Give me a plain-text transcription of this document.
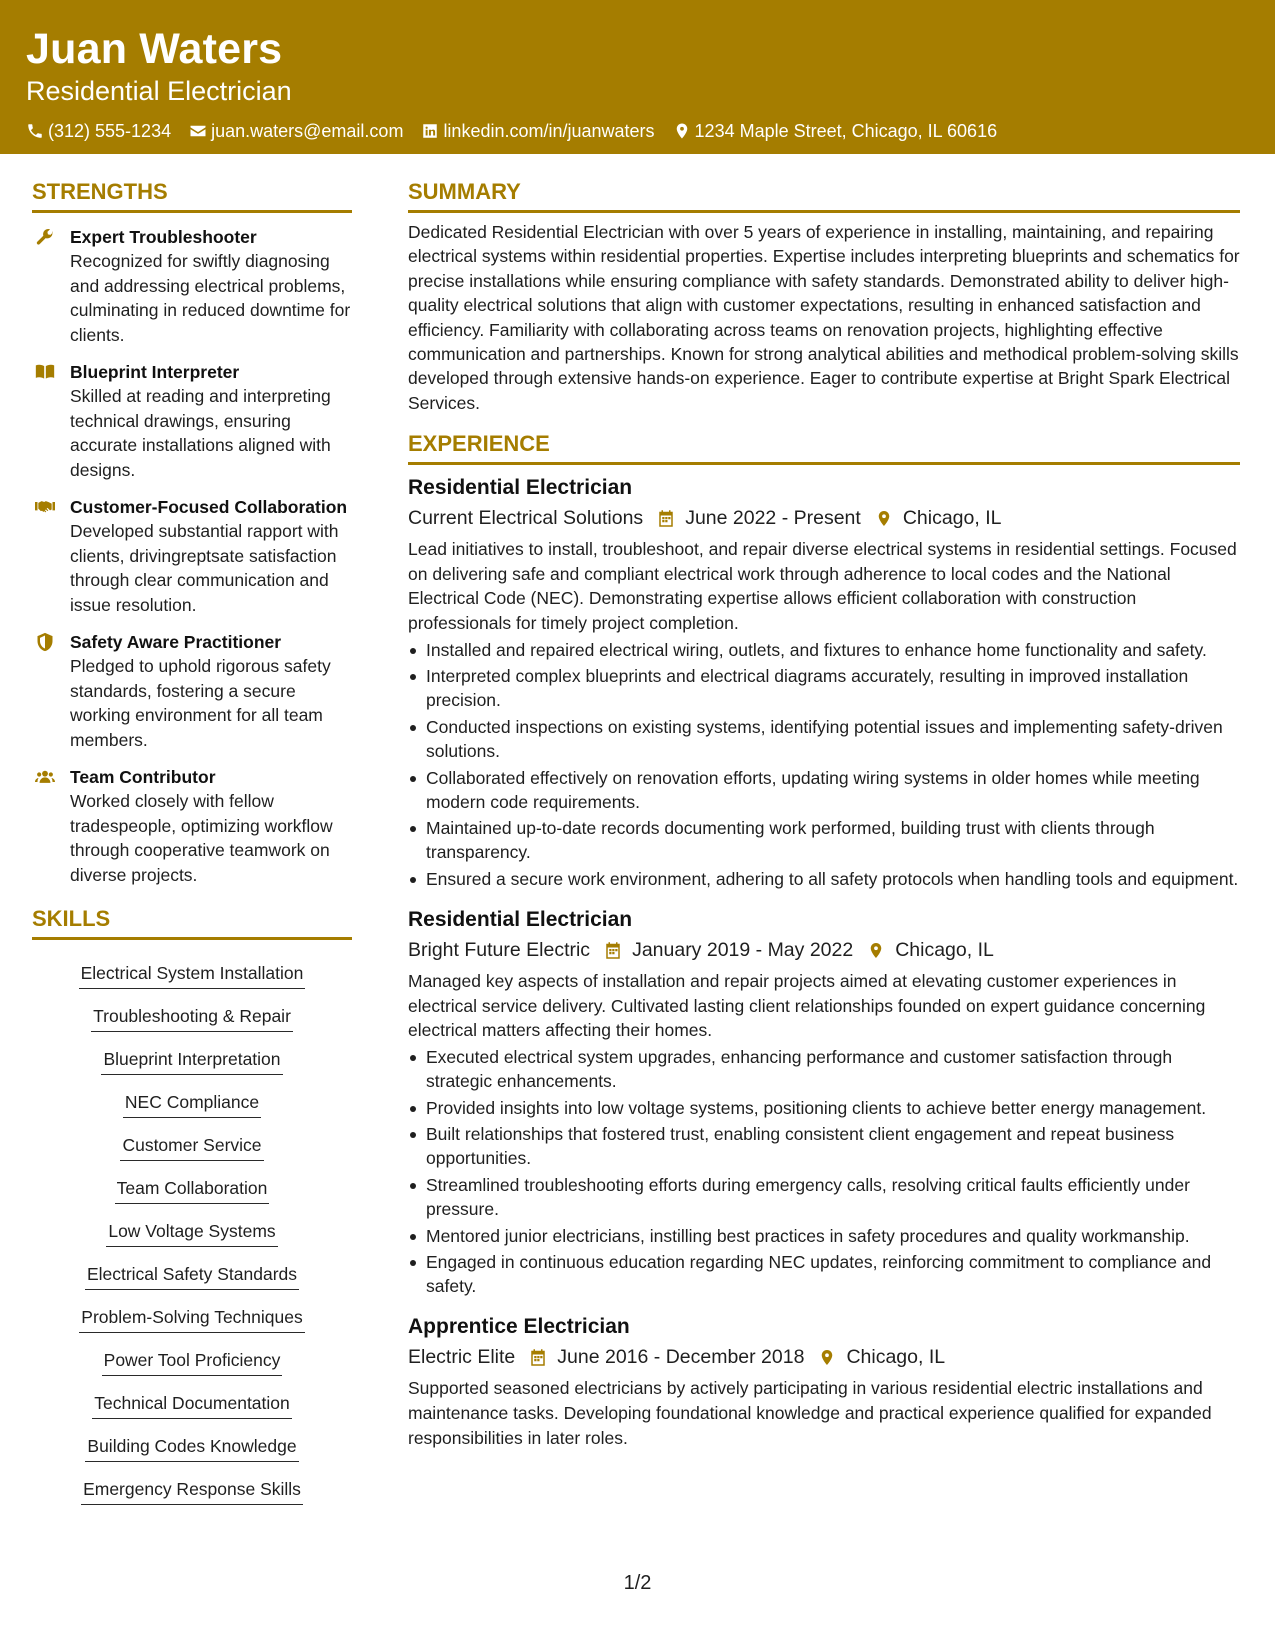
Juan Waters
Residential Electrician
(312) 555-1234 juan.waters@email.com linkedin.com/in/juanwaters 1234 Maple Street, Chicago, IL 60616
STRENGTHS
Expert Troubleshooter
Recognized for swiftly diagnosing and addressing electrical problems, culminating in reduced downtime for clients.
Blueprint Interpreter
Skilled at reading and interpreting technical drawings, ensuring accurate installations aligned with designs.
Customer-Focused Collaboration
Developed substantial rapport with clients, drivingreptsate satisfaction through clear communication and issue resolution.
Safety Aware Practitioner
Pledged to uphold rigorous safety standards, fostering a secure working environment for all team members.
Team Contributor
Worked closely with fellow tradespeople, optimizing workflow through cooperative teamwork on diverse projects.
SKILLS
Electrical System Installation
Troubleshooting & Repair
Blueprint Interpretation
NEC Compliance
Customer Service
Team Collaboration
Low Voltage Systems
Electrical Safety Standards
Problem-Solving Techniques
Power Tool Proficiency
Technical Documentation
Building Codes Knowledge
Emergency Response Skills
SUMMARY
Dedicated Residential Electrician with over 5 years of experience in installing, maintaining, and repairing electrical systems within residential properties. Expertise includes interpreting blueprints and schematics for precise installations while ensuring compliance with safety standards. Demonstrated ability to deliver high-quality electrical solutions that align with customer expectations, resulting in enhanced satisfaction and efficiency. Familiarity with collaborating across teams on renovation projects, highlighting effective communication and partnerships. Known for strong analytical abilities and methodical problem-solving skills developed through extensive hands-on experience. Eager to contribute expertise at Bright Spark Electrical Services.
EXPERIENCE
Residential Electrician
Current Electrical Solutions June 2022 - Present Chicago, IL
Lead initiatives to install, troubleshoot, and repair diverse electrical systems in residential settings. Focused on delivering safe and compliant electrical work through adherence to local codes and the National Electrical Code (NEC). Demonstrating expertise allows efficient collaboration with construction professionals for timely project completion.
Installed and repaired electrical wiring, outlets, and fixtures to enhance home functionality and safety.
Interpreted complex blueprints and electrical diagrams accurately, resulting in improved installation precision.
Conducted inspections on existing systems, identifying potential issues and implementing safety-driven solutions.
Collaborated effectively on renovation efforts, updating wiring systems in older homes while meeting modern code requirements.
Maintained up-to-date records documenting work performed, building trust with clients through transparency.
Ensured a secure work environment, adhering to all safety protocols when handling tools and equipment.
Residential Electrician
Bright Future Electric January 2019 - May 2022 Chicago, IL
Managed key aspects of installation and repair projects aimed at elevating customer experiences in electrical service delivery. Cultivated lasting client relationships founded on expert guidance concerning electrical matters affecting their homes.
Executed electrical system upgrades, enhancing performance and customer satisfaction through strategic enhancements.
Provided insights into low voltage systems, positioning clients to achieve better energy management.
Built relationships that fostered trust, enabling consistent client engagement and repeat business opportunities.
Streamlined troubleshooting efforts during emergency calls, resolving critical faults efficiently under pressure.
Mentored junior electricians, instilling best practices in safety procedures and quality workmanship.
Engaged in continuous education regarding NEC updates, reinforcing commitment to compliance and safety.
Apprentice Electrician
Electric Elite June 2016 - December 2018 Chicago, IL
Supported seasoned electricians by actively participating in various residential electric installations and maintenance tasks. Developing foundational knowledge and practical experience qualified for expanded responsibilities in later roles.
1/2
